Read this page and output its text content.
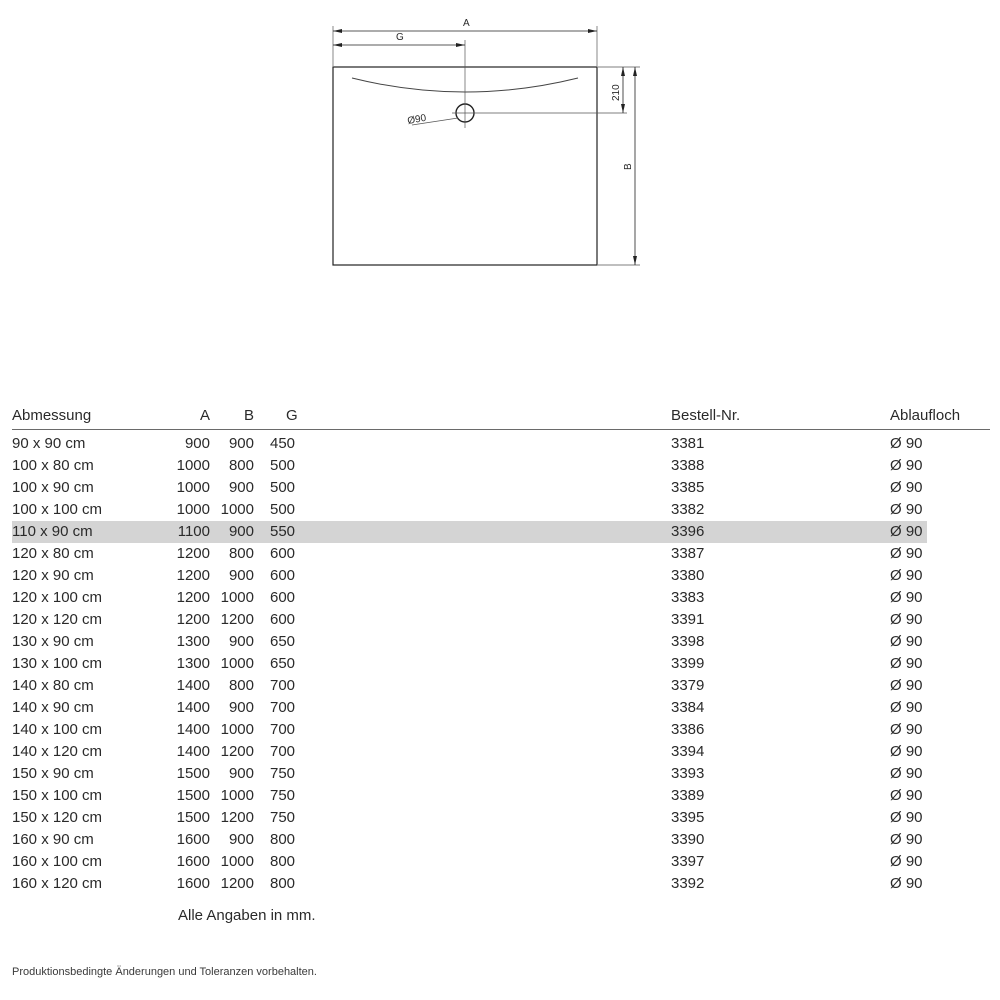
Ø90
A
G
210
B
Abmessung	A	B G	Bestell-Nr.	Ablaufloch
90 x 90 cm	900	900 450	3381	Ø 90
100 x 80 cm	1000	800 500	3388	Ø 90
100 x 90 cm	1000	900 500	3385	Ø 90
100 x 100 cm	1000 1000 500	3382	Ø 90
110 x 90 cm	1100	900 550	3396	Ø 90
120 x 80 cm	1200	800 600	3387	Ø 90
120 x 90 cm	1200	900 600	3380	Ø 90
120 x 100 cm	1200 1000 600	3383	Ø 90
120 x 120 cm	1200 1200 600	3391	Ø 90
130 x 90 cm	1300	900 650	3398	Ø 90
130 x 100 cm	1300 1000 650	3399	Ø 90
140 x 80 cm	1400	800 700	3379	Ø 90
140 x 90 cm	1400	900 700	3384	Ø 90
140 x 100 cm	1400 1000 700	3386	Ø 90
140 x 120 cm	1400 1200 700	3394	Ø 90
150 x 90 cm	1500	900 750	3393	Ø 90
150 x 100 cm	1500 1000 750	3389	Ø 90
150 x 120 cm	1500 1200 750	3395	Ø 90
160 x 90 cm	1600	900 800	3390	Ø 90
160 x 100 cm	1600 1000 800	3397	Ø 90
160 x 120 cm	1600 1200 800	3392	Ø 90
Alle Angaben in mm.
Produktionsbedingte Änderungen und Toleranzen vorbehalten.
